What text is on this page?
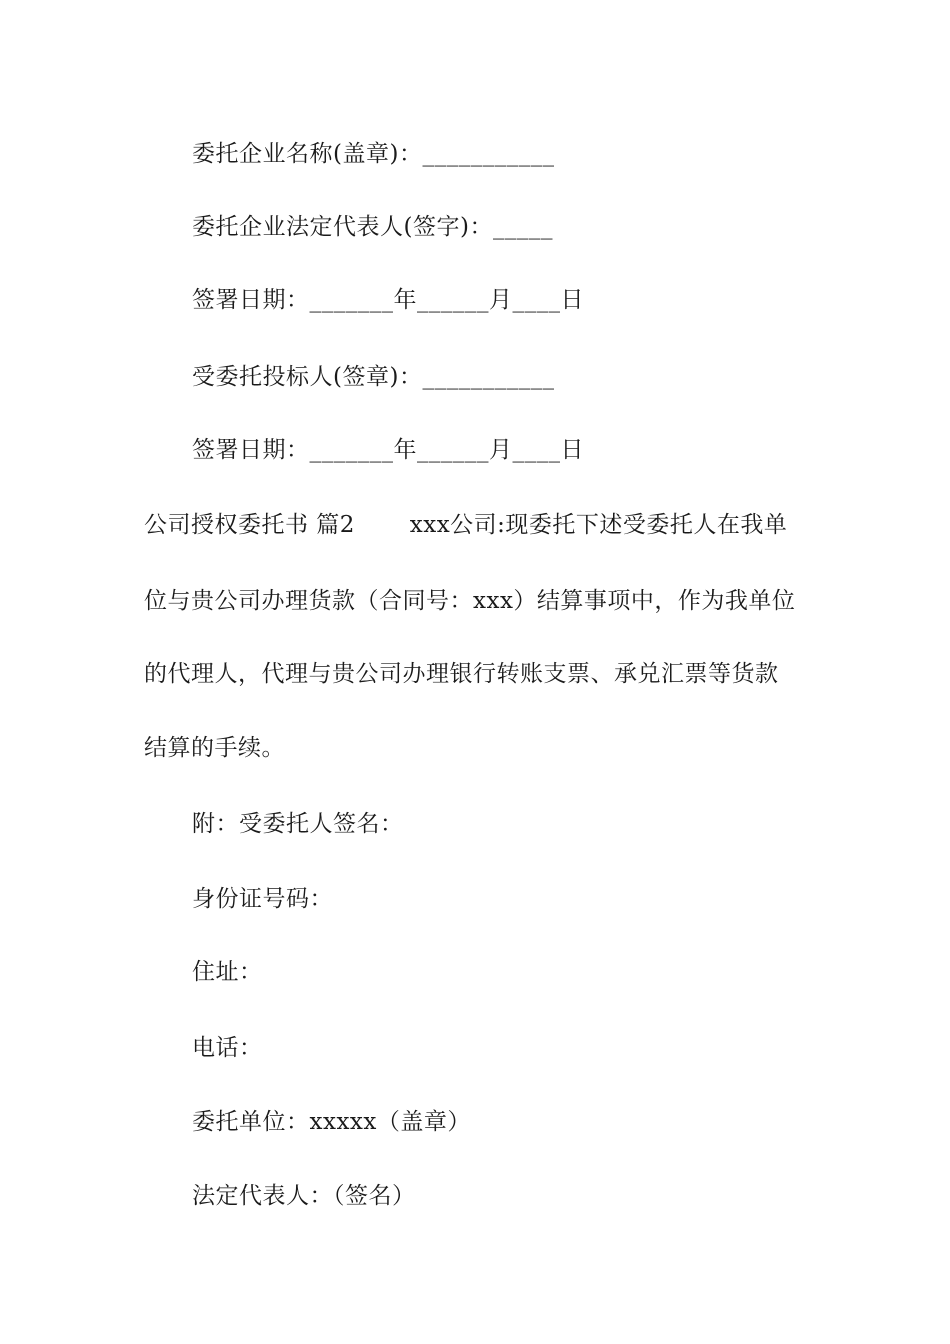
委托企业名称(盖章)：___________
委托企业法定代表人(签字)：_____
签署日期：_______年______月____日
受委托投标人(签章)：___________
签署日期：_______年______月____日
公司授权委托书 篇2　　 xxx公司:现委托下述受委托人在我单
位与贵公司办理货款（合同号：xxx）结算事项中，作为我单位
的代理人，代理与贵公司办理银行转账支票、承兑汇票等货款
结算的手续。
附：受委托人签名：
身份证号码：
住址：
电话：
委托单位：xxxxx（盖章）
法定代表人：（签名）
